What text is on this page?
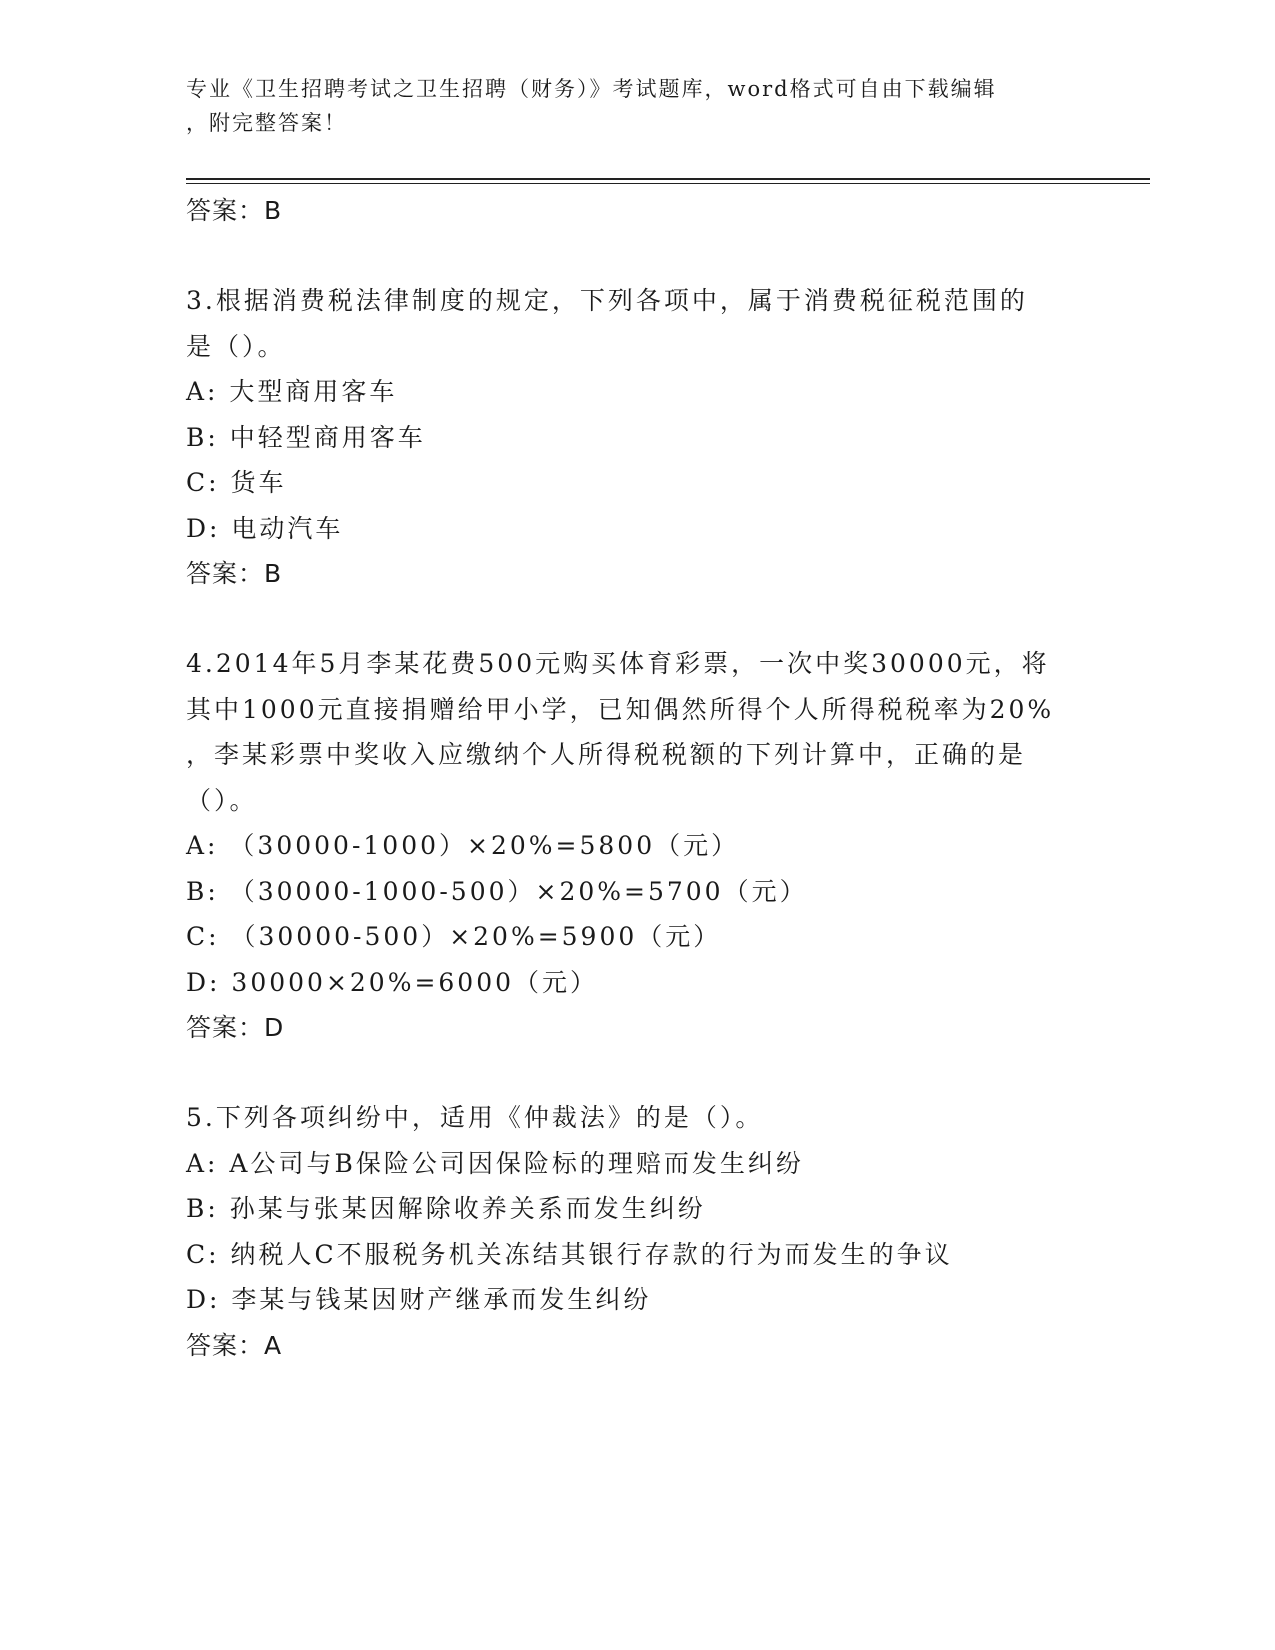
专业《卫生招聘考试之卫生招聘（财务）》考试题库，word格式可自由下载编辑
，附完整答案！
答案：B
3.根据消费税法律制度的规定，下列各项中，属于消费税征税范围的
是（）。
A: 大型商用客车
B: 中轻型商用客车
C: 货车
D: 电动汽车
答案：B
4.2014年5月李某花费500元购买体育彩票，一次中奖30000元，将
其中1000元直接捐赠给甲小学，已知偶然所得个人所得税税率为20%
，李某彩票中奖收入应缴纳个人所得税税额的下列计算中，正确的是
（）。
A: （30000-1000）×20%=5800（元）
B: （30000-1000-500）×20%=5700（元）
C: （30000-500）×20%=5900（元）
D: 30000×20%=6000（元）
答案：D
5.下列各项纠纷中，适用《仲裁法》的是（）。
A: A公司与B保险公司因保险标的理赔而发生纠纷
B: 孙某与张某因解除收养关系而发生纠纷
C: 纳税人C不服税务机关冻结其银行存款的行为而发生的争议
D: 李某与钱某因财产继承而发生纠纷
答案：A
